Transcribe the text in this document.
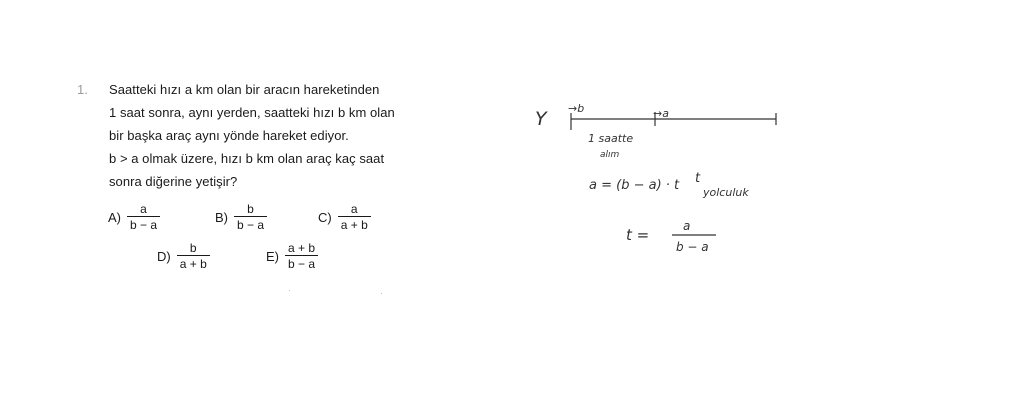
1. Saatteki hızı a km olan bir aracın hareketinden
1 saat sonra, aynı yerden, saatteki hızı b km olan
bir başka araç aynı yönde hareket ediyor.
b > a olmak üzere, hızı b km olan araç kaç saat
sonra diğerine yetişir?
$A) \frac{a}{b - a}$	$B) \frac{b}{b - a}$	$C) \frac{a}{a + b}$
$D) \frac{b}{a + b}$	$E) \frac{a + b}{b - a}$
Y →b	→a
1 saatte
alım
a = (b − a) · t t
yolculuk
t =	a
b − a
